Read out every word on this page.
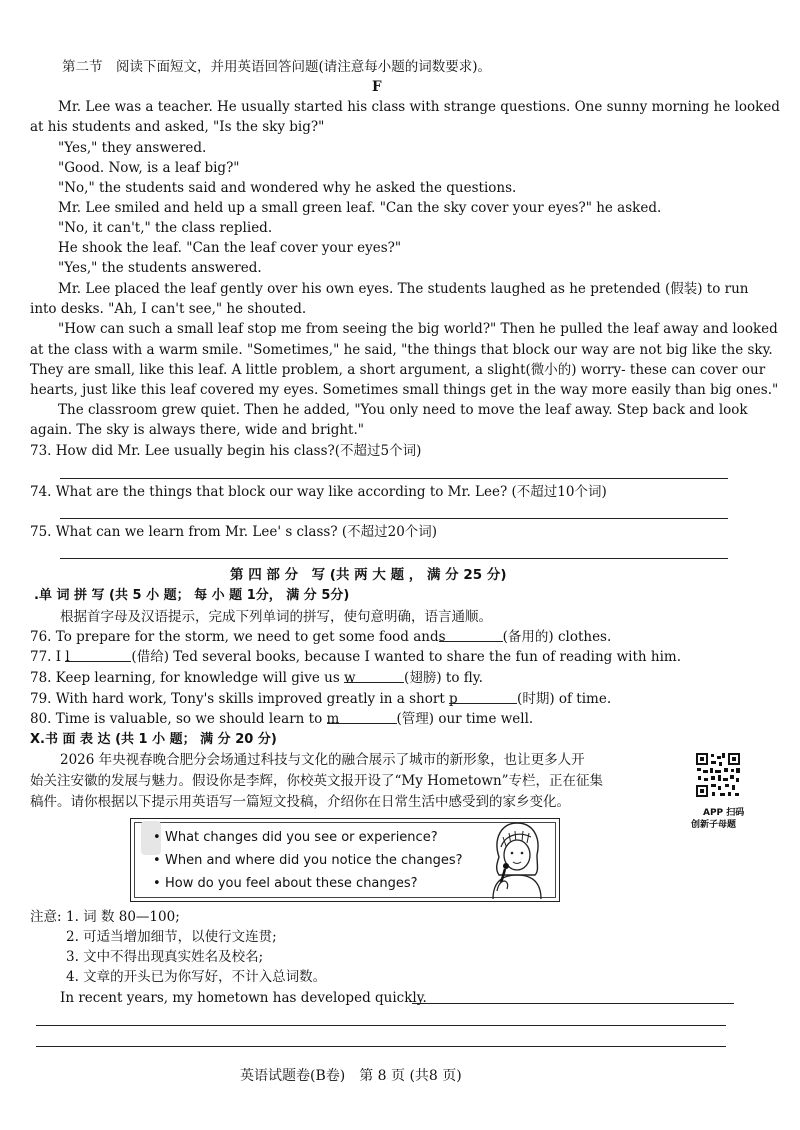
第二节　阅读下面短文，并用英语回答问题(请注意每小题的词数要求)。
F
Mr. Lee was a teacher. He usually started his class with strange questions. One sunny morning he looked
at his students and asked, "Is the sky big?"
"Yes," they answered.
"Good. Now, is a leaf big?"
"No," the students said and wondered why he asked the questions.
Mr. Lee smiled and held up a small green leaf. "Can the sky cover your eyes?" he asked.
"No, it can't," the class replied.
He shook the leaf. "Can the leaf cover your eyes?"
"Yes," the students answered.
Mr. Lee placed the leaf gently over his own eyes. The students laughed as he pretended (假装) to run
into desks. "Ah, I can't see," he shouted.
"How can such a small leaf stop me from seeing the big world?" Then he pulled the leaf away and looked
at the class with a warm smile. "Sometimes," he said, "the things that block our way are not big like the sky.
They are small, like this leaf. A little problem, a short argument, a slight(微小的) worry- these can cover our
hearts, just like this leaf covered my eyes. Sometimes small things get in the way more easily than big ones."
The classroom grew quiet. Then he added, "You only need to move the leaf away. Step back and look
again. The sky is always there, wide and bright."
73. How did Mr. Lee usually begin his class?(不超过5个词)
74. What are the things that block our way like according to Mr. Lee? (不超过10个词)
75. What can we learn from Mr. Lee' s class? (不超过20个词)
第 四 部 分　写 (共 两 大 题 ， 满 分 25 分)
.单 词 拼 写 (共 5 小 题； 每 小 题 1分， 满 分 5分)
根据首字母及汉语提示，完成下列单词的拼写，使句意明确，语言通顺。
76. To prepare for the storm, we need to get some food ands	(备用的) clothes.
77. I l	(借给) Ted several books, because I wanted to share the fun of reading with him.
78. Keep learning, for knowledge will give us w	(翅膀) to fly.
79. With hard work, Tony's skills improved greatly in a short p	(时期) of time.
80. Time is valuable, so we should learn to m	(管理) our time well.
X.书 面 表 达 (共 1 小 题； 满 分 20 分)
2026 年央视春晚合肥分会场通过科技与文化的融合展示了城市的新形象，也让更多人开
始关注安徽的发展与魅力。假设你是李辉，你校英文报开设了“My Hometown”专栏，正在征集
稿件。请你根据以下提示用英语写一篇短文投稿，介绍你在日常生活中感受到的家乡变化。
APP 扫码
创新子母题
• What changes did you see or experience?
• When and where did you notice the changes?
• How do you feel about these changes?
注意: 1. 词 数 80—100;
2. 可适当增加细节，以使行文连贯;
3. 文中不得出现真实姓名及校名;
4. 文章的开头已为你写好，不计入总词数。
In recent years, my hometown has developed quickly.
英语试题卷(B卷)　第 8 页 (共8 页)
